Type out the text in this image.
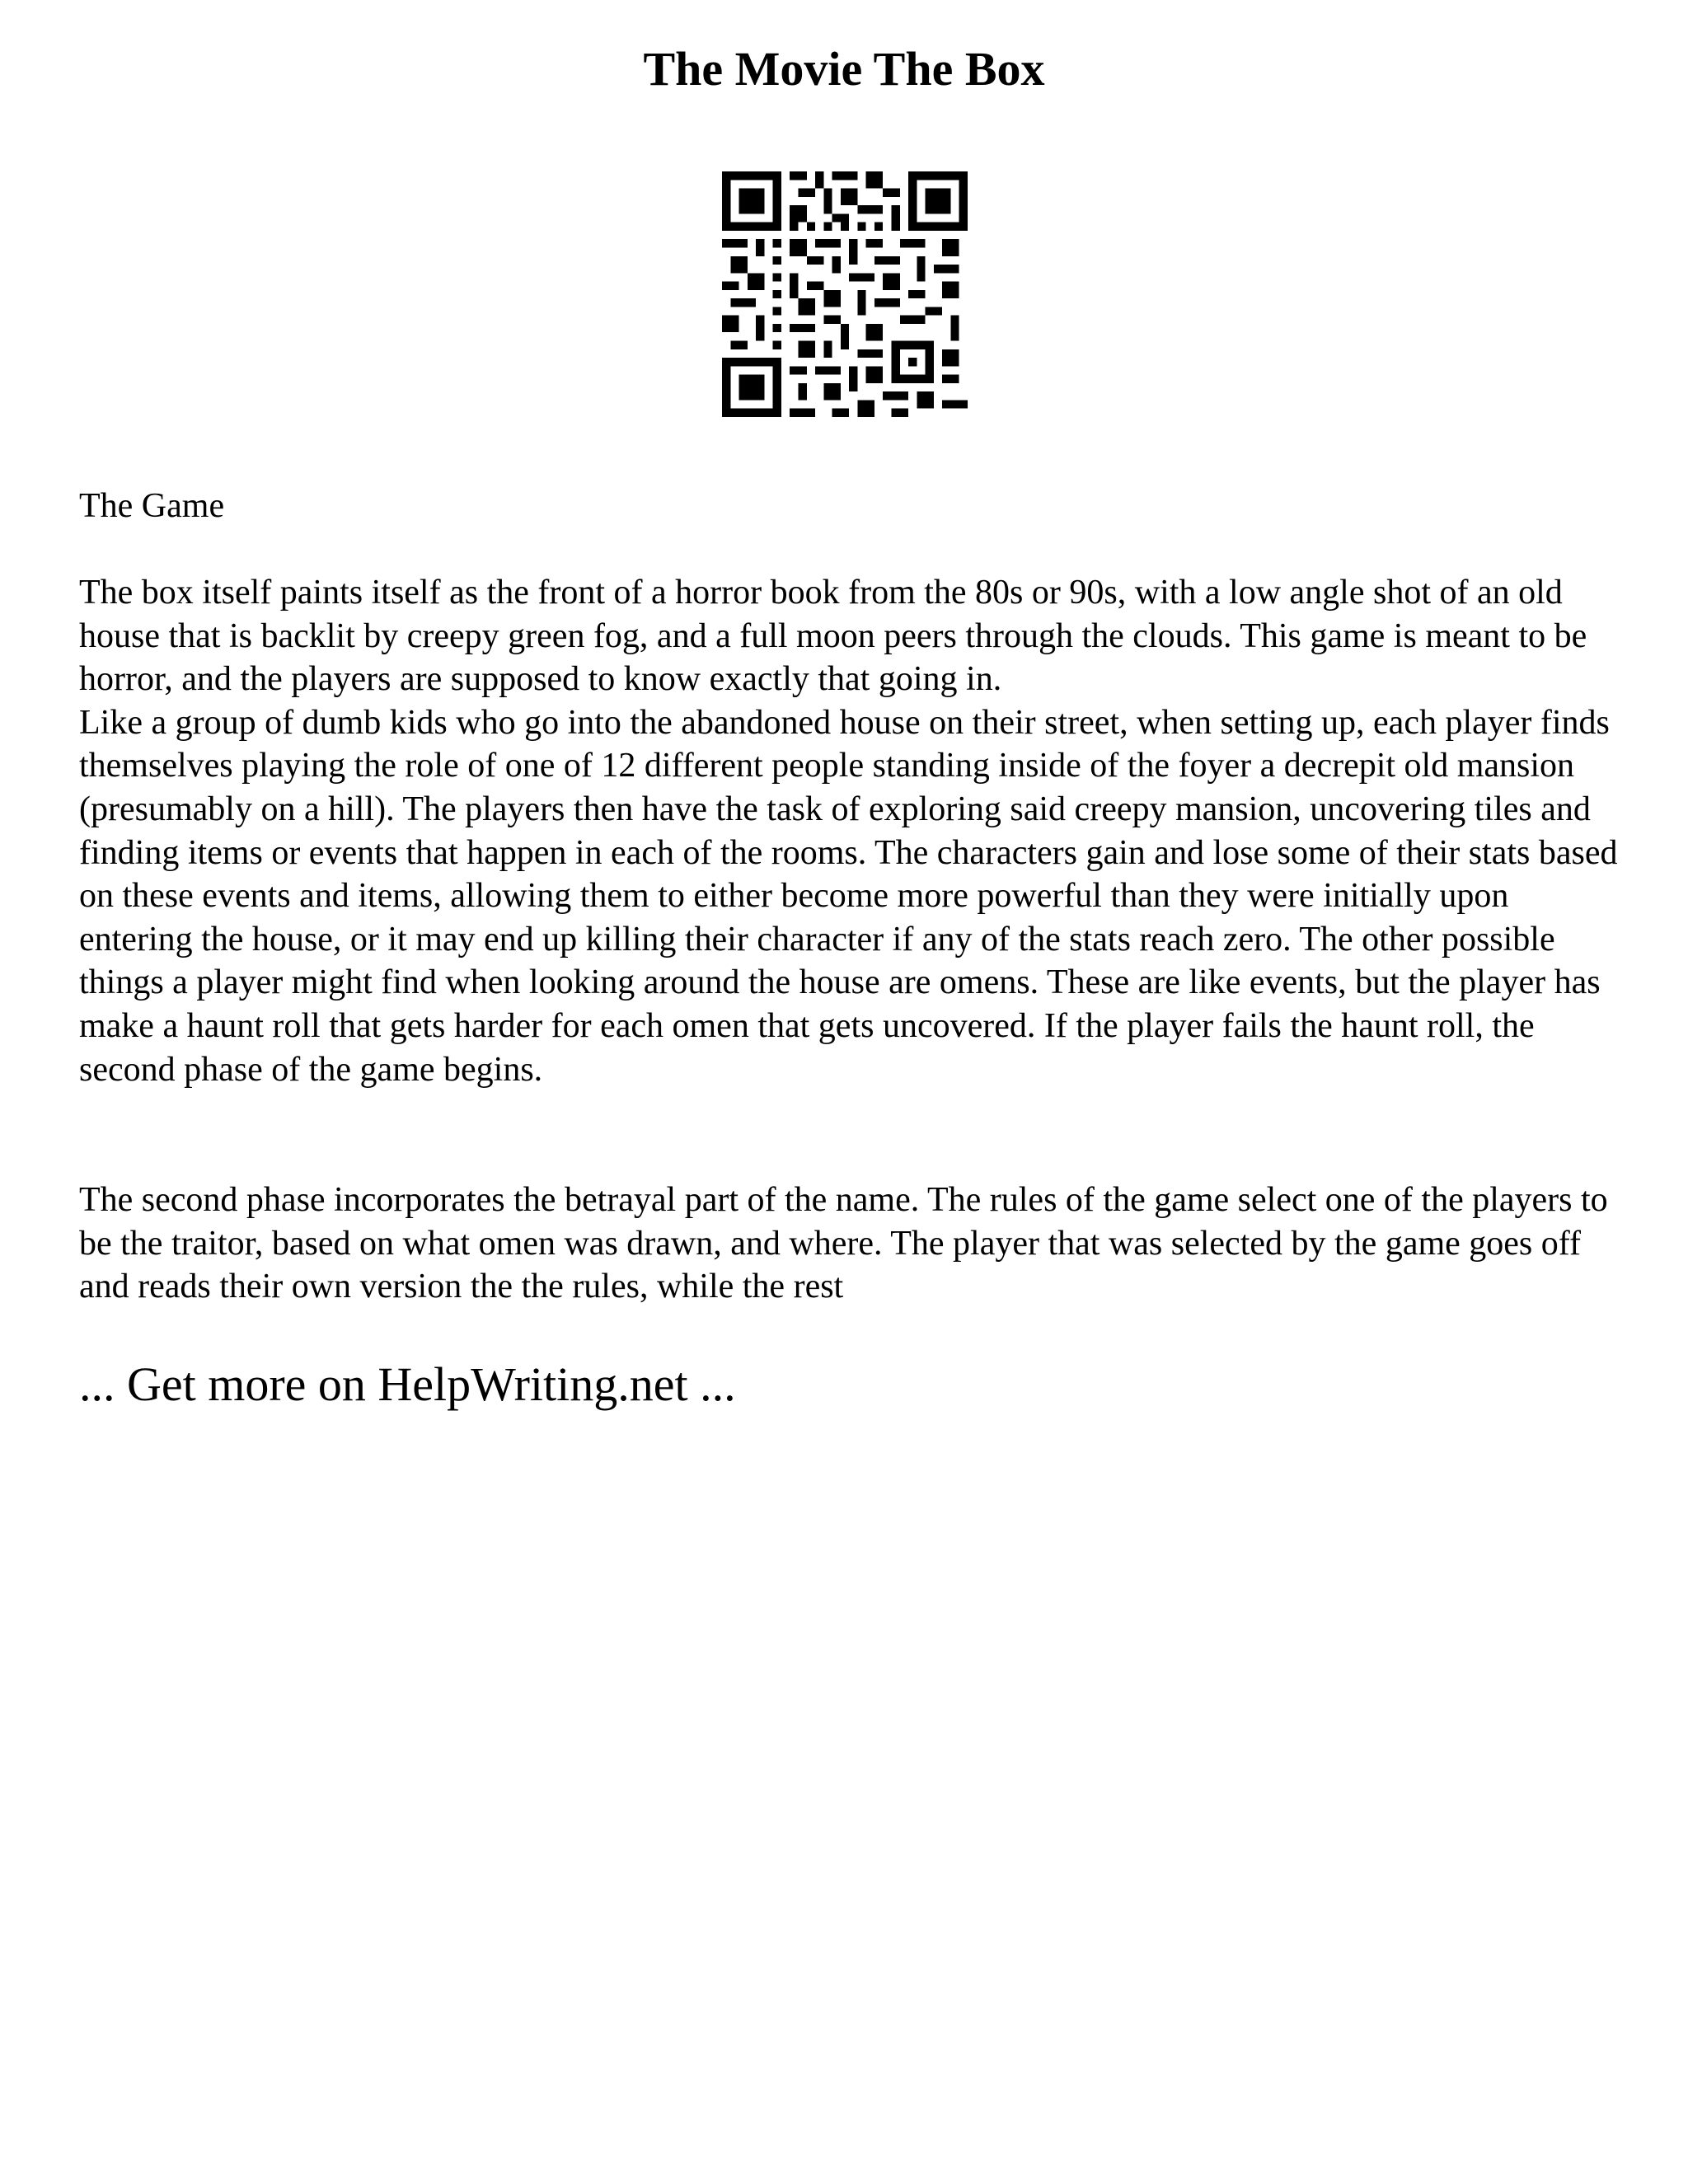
The Movie The Box

The Game

The box itself paints itself as the front of a horror book from the 80s or 90s, with a low angle shot of an old house that is backlit by creepy green fog, and a full moon peers through the clouds. This game is meant to be horror, and the players are supposed to know exactly that going in.
Like a group of dumb kids who go into the abandoned house on their street, when setting up, each player finds themselves playing the role of one of 12 different people standing inside of the foyer a decrepit old mansion (presumably on a hill). The players then have the task of exploring said creepy mansion, uncovering tiles and finding items or events that happen in each of the rooms. The characters gain and lose some of their stats based on these events and items, allowing them to either become more powerful than they were initially upon entering the house, or it may end up killing their character if any of the stats reach zero. The other possible things a player might find when looking around the house are omens. These are like events, but the player has make a haunt roll that gets harder for each omen that gets uncovered. If the player fails the haunt roll, the second phase of the game begins.

The second phase incorporates the betrayal part of the name. The rules of the game select one of the players to be the traitor, based on what omen was drawn, and where. The player that was selected by the game goes off and reads their own version the the rules, while the rest

... Get more on HelpWriting.net ...
